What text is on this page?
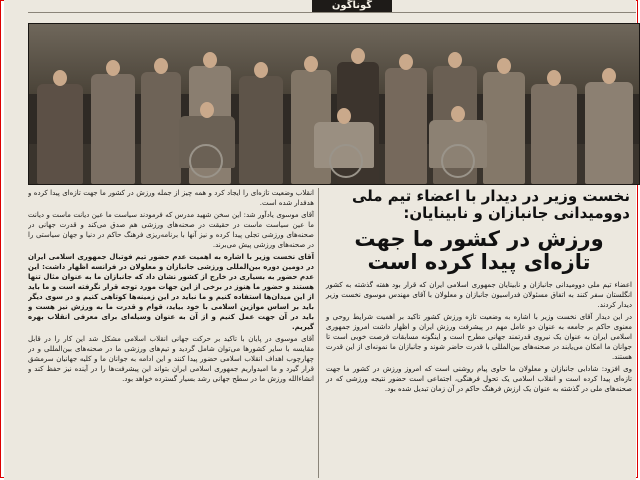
گوناگون

انقلاب وضعیت تازه‌ای را ایجاد کرد و همه چیز از جمله ورزش در کشور ما جهت تازه‌ای پیدا کرده و هدفدار شده است.

آقای موسوی یادآور شد: این سخن شهید مدرس که فرمودند سیاست ما عین دیانت ماست و دیانت ما عین سیاست ماست در حقیقت در صحنه‌های ورزشی هم صدق می‌کند و قدرت جهانی در صحنه‌های ورزشی تجلی پیدا کرده و نیز آنها با برنامه‌ریزی فرهنگ حاکم در دنیا و جهان سیاستی را در صحنه‌های ورزشی پیش می‌برند.

آقای نخست وزیر با اشاره به اهمیت عدم حضور تیم فوتبال جمهوری اسلامی ایران در دومین دوره بین‌المللی ورزشی جانبازان و معلولان در فرانسه اظهار داشت: این عدم حضور به بسیاری در خارج از کشور نشان داد که جانبازان ما به عنوان مثال تنها هستند و حضور ما هنوز در برخی از این جهات مورد توجه قرار نگرفته است و ما باید از این میدان‌ها استفاده کنیم و ما نباید در این زمینه‌ها کوتاهی کنیم و در سوی دیگر باید بر اساس موازین اسلامی با خود بیاید، قوام و قدرت ما به ورزش نیز هست و باید در آن جهت عمل کنیم و از آن به عنوان وسیله‌ای برای معرفی انقلاب بهره گیریم.

آقای موسوی در پایان با تاکید بر حرکت جهانی انقلاب اسلامی مشکل شد این کار را در قابل مقایسه با سایر کشورها می‌توان شامل گردید و تیم‌های ورزشی ما در صحنه‌های بین‌المللی و در چهارچوب اهداف انقلاب اسلامی حضور پیدا کنند و این ادامه به جوانان ما و کلیه جهانیان سرمشق قرار گیرد و ما امیدواریم جمهوری اسلامی ایران بتواند این پیشرفت‌ها را در آینده نیز حفظ کند و انشاءالله ورزش ما در سطح جهانی رشد بسیار گسترده خواهد بود.

نخست وزیر در دیدار با اعضاء تیم ملی دوومیدانی جانبازان و نابینایان:
ورزش در کشور ما جهت تازه‌ای پیدا کرده است

اعضاء تیم ملی دوومیدانی جانبازان و نابینایان جمهوری اسلامی ایران که قرار بود هفته گذشته به کشور انگلستان سفر کنند به اتفاق مسئولان فدراسیون جانبازان و معلولان با آقای مهندس موسوی نخست وزیر دیدار کردند.

در این دیدار آقای نخست وزیر با اشاره به وضعیت تازه ورزش کشور تاکید بر اهمیت شرایط روحی و معنوی حاکم بر جامعه به عنوان دو عامل مهم در پیشرفت ورزش ایران و اظهار داشت امروز جمهوری اسلامی ایران به عنوان یک نیروی قدرتمند جهانی مطرح است و اینگونه مسابقات فرصت خوبی است تا جوانان ما امکان می‌یابند در صحنه‌های بین‌المللی با قدرت حاضر شوند و جانبازان ما نمونه‌ای از این قدرت هستند.

وی افزود: شادابی جانبازان و معلولان ما حاوی پیام روشنی است که امروز ورزش در کشور ما جهت تازه‌ای پیدا کرده است و انقلاب اسلامی یک تحول فرهنگی، اجتماعی است حضور نتیجه ورزشی که در صحنه‌های ملی در گذشته به عنوان یک ارزش فرهنگ حاکم در آن زمان تبدیل شده بود.
